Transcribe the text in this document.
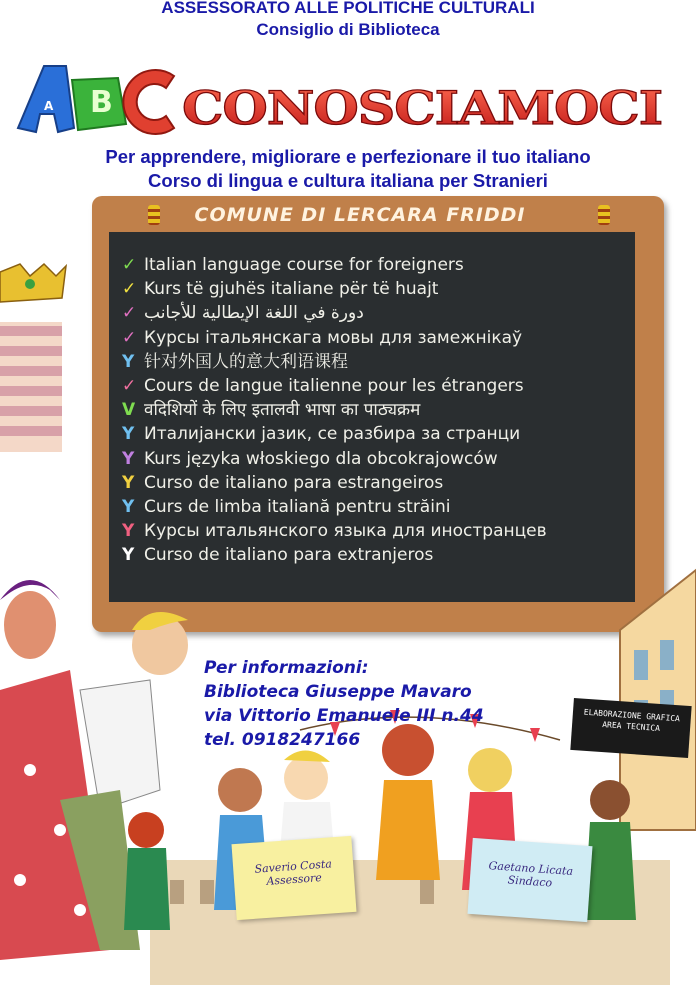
ASSESSORATO ALLE POLITICHE CULTURALI
Consiglio di Biblioteca
A B CONOSCIAMOCI
Per apprendere, migliorare e perfezionare il tuo italiano
Corso di lingua e cultura italiana per Stranieri
COMUNE DI LERCARA FRIDDI
✓ Italian language course for foreigners
✓ Kurs të gjuhës italiane për të huajt
✓ دورة في اللغة الإيطالية للأجانب
✓ Курсы італьянскага мовы для замежнікаў
Y 针对外国人的意大利语课程
✓ Cours de langue italienne pour les étrangers
V वदिशियों के लिए इतालवी भाषा का पाठ्यक्रम
Y Италијански јазик, се разбира за странци
Y Kurs języka włoskiego dla obcokrajowców
Y Curso de italiano para estrangeiros
Y Curs de limba italiană pentru străini
Y Курсы итальянского языка для иностранцев
Y Curso de italiano para extranjeros
Per informazioni:
Biblioteca Giuseppe Mavaro
via Vittorio Emanuele III n.44
tel. 0918247166
ELABORAZIONE GRAFICA
AREA TECNICA
Saverio Costa
Assessore
Gaetano Licata
Sindaco
